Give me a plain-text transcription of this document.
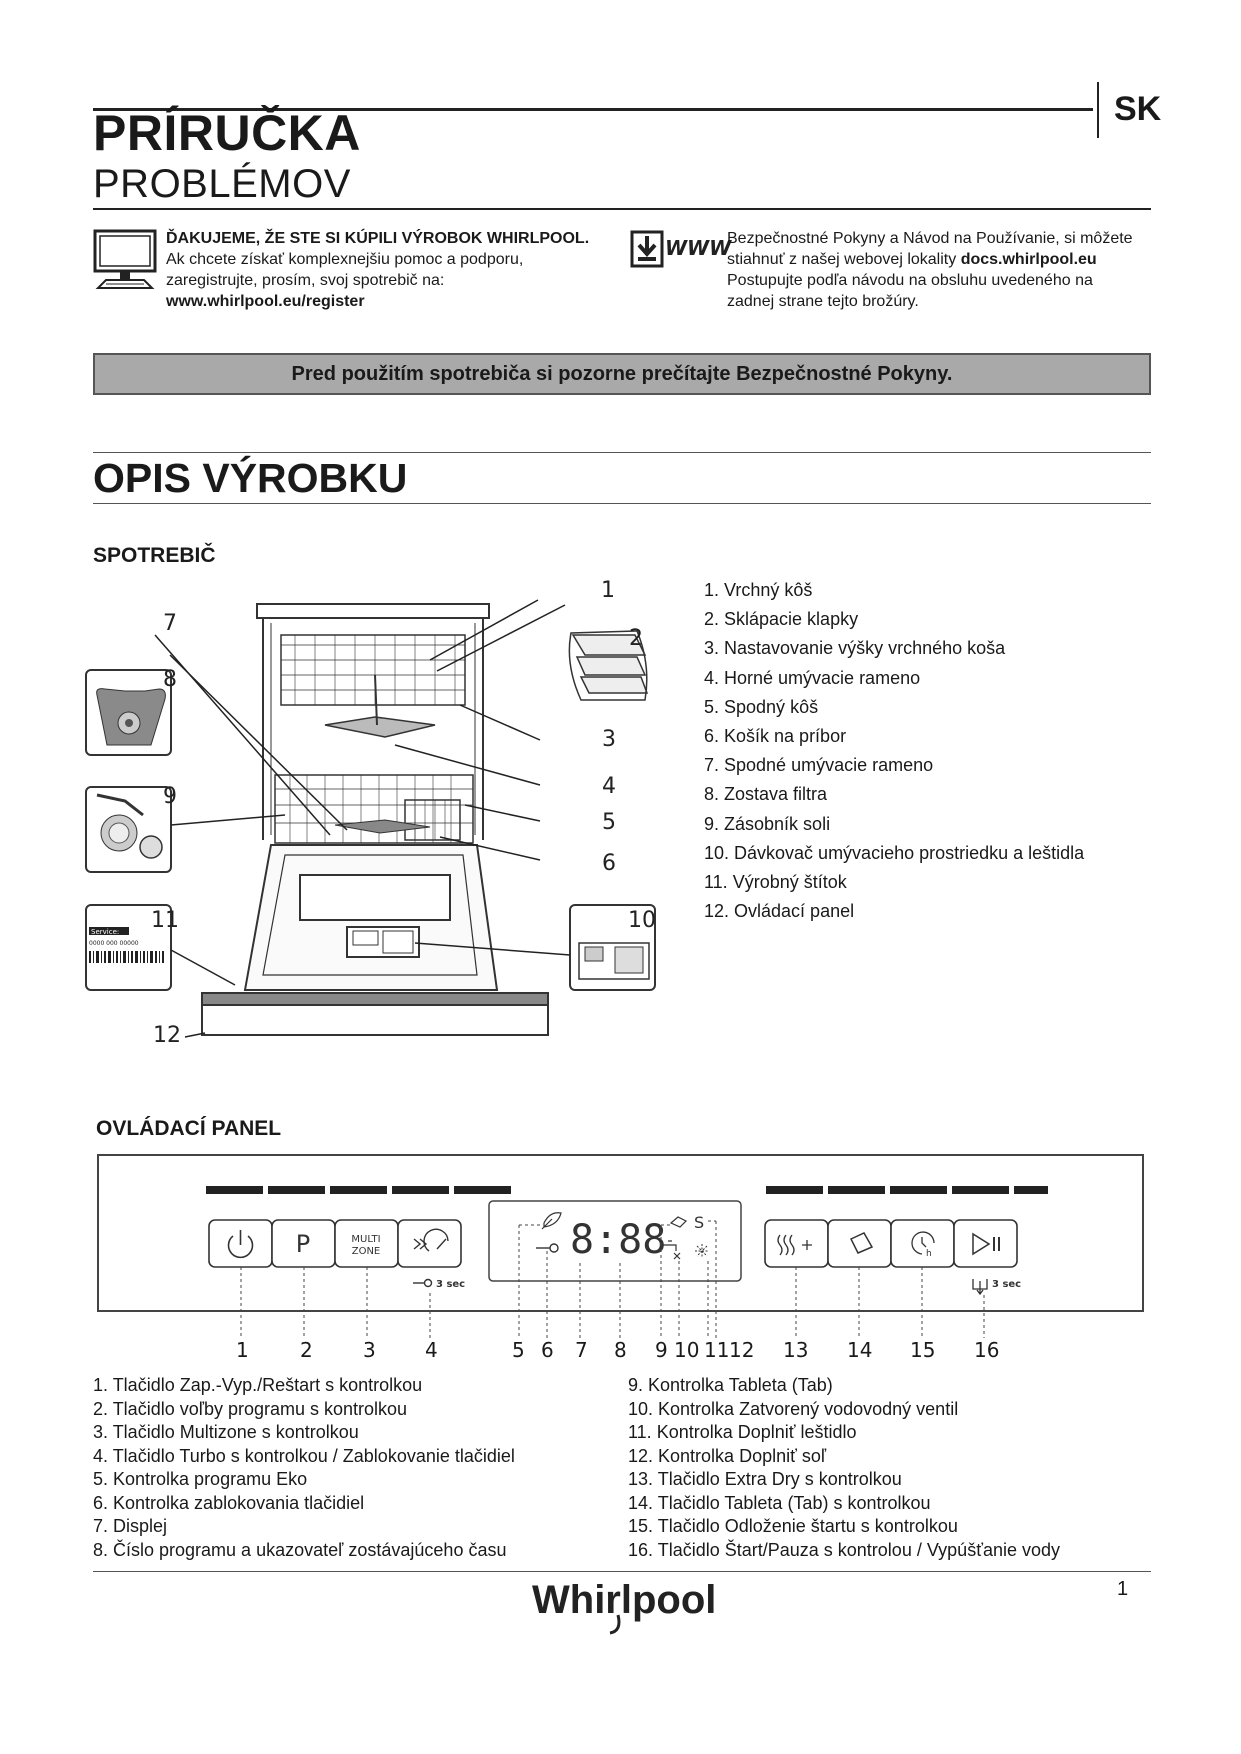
PRÍRUČKA
PROBLÉMOV
SK
ĎAKUJEME, ŽE STE SI KÚPILI VÝROBOK WHIRLPOOL.
Ak chcete získať komplexnejšiu pomoc a podporu,
zaregistrujte, prosím, svoj spotrebič na:
www.whirlpool.eu/register
WWW
Bezpečnostné Pokyny a Návod na Používanie, si môžete
stiahnuť z našej webovej lokality docs.whirlpool.eu
Postupujte podľa návodu na obsluhu uvedeného na
zadnej strane tejto brožúry.
Pred použitím spotrebiča si pozorne prečítajte Bezpečnostné Pokyny.
OPIS VÝROBKU
SPOTREBIČ
Service:
0000 000 00000
1
2
3
4
5
6
7
8
9
10
11
12
1. Vrchný kôš
2. Sklápacie klapky
3. Nastavovanie výšky vrchného koša
4. Horné umývacie rameno
5. Spodný kôš
6. Košík na príbor
7. Spodné umývacie rameno
8. Zostava filtra
9. Zásobník soli
10. Dávkovač umývacieho prostriedku a leštidla
11. Výrobný štítok
12. Ovládací panel
OVLÁDACÍ PANEL
P	MULTI
ZONE
3 sec
8:88 S
h
3 sec
1	2	3 4	5 6 7 8 9 10 11 12 13 14 15 16
1. Tlačidlo Zap.-Vyp./Reštart s kontrolkou
2. Tlačidlo voľby programu s kontrolkou
3. Tlačidlo Multizone s kontrolkou
4. Tlačidlo Turbo s kontrolkou / Zablokovanie tlačidiel
5. Kontrolka programu Eko
6. Kontrolka zablokovania tlačidiel
7. Displej
8. Číslo programu a ukazovateľ zostávajúceho času
9. Kontrolka Tableta (Tab)
10. Kontrolka Zatvorený vodovodný ventil
11. Kontrolka Doplniť leštidlo
12. Kontrolka Doplniť soľ
13. Tlačidlo Extra Dry s kontrolkou
14. Tlačidlo Tableta (Tab) s kontrolkou
15. Tlačidlo Odloženie štartu s kontrolkou
16. Tlačidlo Štart/Pauza s kontrolou / Vypúšťanie vody
Whirlpool	1
